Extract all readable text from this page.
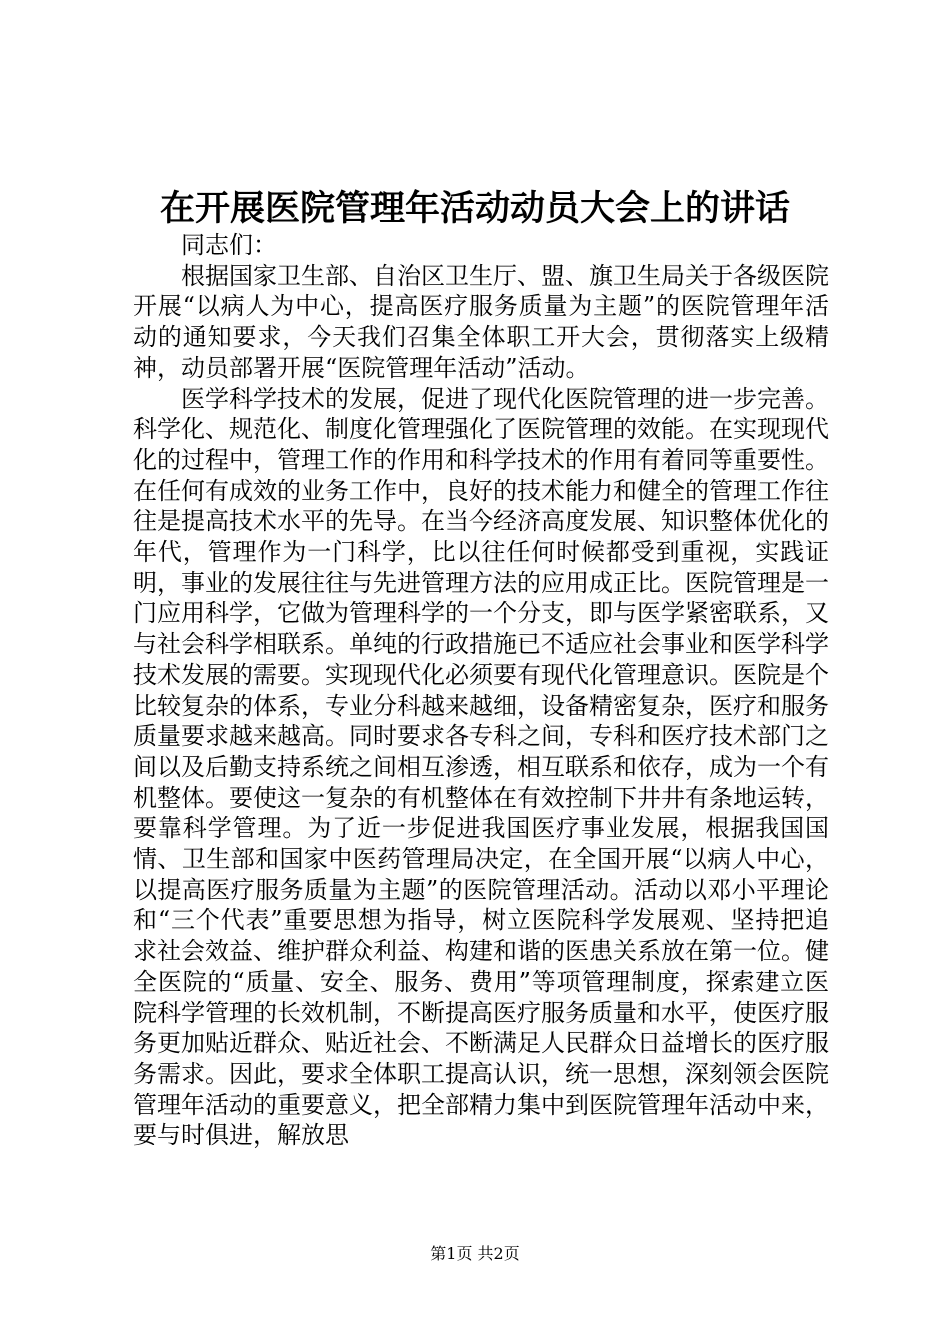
在开展医院管理年活动动员大会上的讲话

同志们：

根据国家卫生部、自治区卫生厅、盟、旗卫生局关于各级医院开展“以病人为中心，提高医疗服务质量为主题”的医院管理年活动的通知要求，今天我们召集全体职工开大会，贯彻落实上级精神，动员部署开展“医院管理年活动”活动。

医学科学技术的发展，促进了现代化医院管理的进一步完善。科学化、规范化、制度化管理强化了医院管理的效能。在实现现代化的过程中，管理工作的作用和科学技术的作用有着同等重要性。在任何有成效的业务工作中，良好的技术能力和健全的管理工作往往是提高技术水平的先导。在当今经济高度发展、知识整体优化的年代，管理作为一门科学，比以往任何时候都受到重视，实践证明，事业的发展往往与先进管理方法的应用成正比。医院管理是一门应用科学，它做为管理科学的一个分支，即与医学紧密联系，又与社会科学相联系。单纯的行政措施已不适应社会事业和医学科学技术发展的需要。实现现代化必须要有现代化管理意识。医院是个比较复杂的体系，专业分科越来越细，设备精密复杂，医疗和服务质量要求越来越高。同时要求各专科之间，专科和医疗技术部门之间以及后勤支持系统之间相互渗透，相互联系和依存，成为一个有机整体。要使这一复杂的有机整体在有效控制下井井有条地运转，要靠科学管理。为了近一步促进我国医疗事业发展，根据我国国情、卫生部和国家中医药管理局决定，在全国开展“以病人中心，以提高医疗服务质量为主题”的医院管理活动。活动以邓小平理论和“三个代表”重要思想为指导，树立医院科学发展观、坚持把追求社会效益、维护群众利益、构建和谐的医患关系放在第一位。健全医院的“质量、安全、服务、费用”等项管理制度，探索建立医院科学管理的长效机制，不断提高医疗服务质量和水平，使医疗服务更加贴近群众、贴近社会、不断满足人民群众日益增长的医疗服务需求。因此，要求全体职工提高认识，统一思想，深刻领会医院管理年活动的重要意义，把全部精力集中到医院管理年活动中来，要与时俱进，解放思

第1页 共2页
